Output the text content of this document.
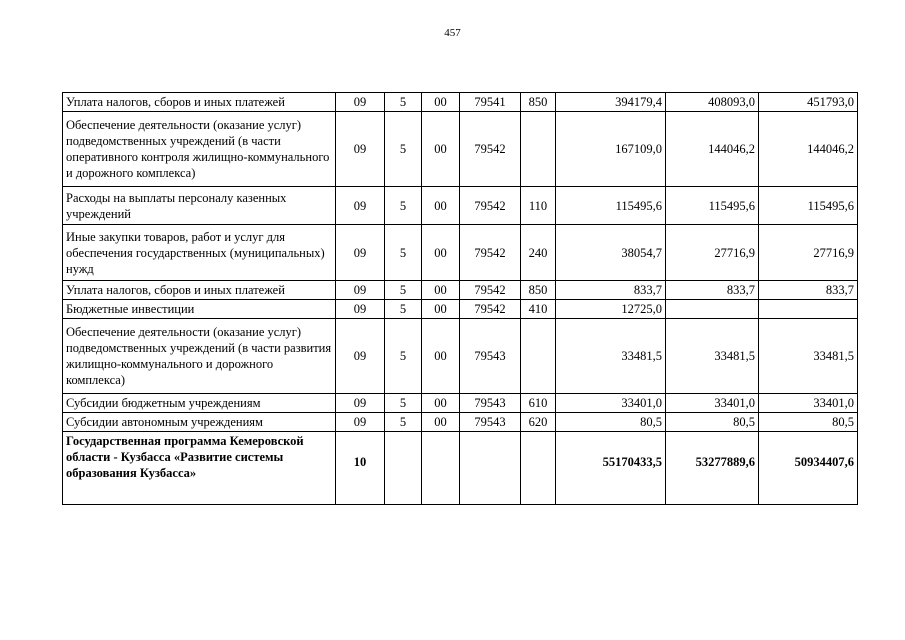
457
Уплата налогов, сборов и иных платежей	09	5	00	79541	850	394179,4	408093,0	451793,0
Обеспечение деятельности (оказание услуг) подведомственных учреждений (в части оперативного контроля жилищно-коммунального и дорожного комплекса)	09	5	00	79542		167109,0	144046,2	144046,2
Расходы на выплаты персоналу казенных учреждений	09	5	00	79542	110	115495,6	115495,6	115495,6
Иные закупки товаров, работ и услуг для обеспечения государственных (муниципальных) нужд	09	5	00	79542	240	38054,7	27716,9	27716,9
Уплата налогов, сборов и иных платежей	09	5	00	79542	850	833,7	833,7	833,7
Бюджетные инвестиции	09	5	00	79542	410	12725,0		
Обеспечение деятельности (оказание услуг) подведомственных учреждений (в части развития жилищно-коммунального и дорожного комплекса)	09	5	00	79543		33481,5	33481,5	33481,5
Субсидии бюджетным учреждениям	09	5	00	79543	610	33401,0	33401,0	33401,0
Субсидии автономным учреждениям	09	5	00	79543	620	80,5	80,5	80,5
Государственная программа Кемеровской области - Кузбасса «Развитие системы образования Кузбасса»	10					55170433,5	53277889,6	50934407,6
